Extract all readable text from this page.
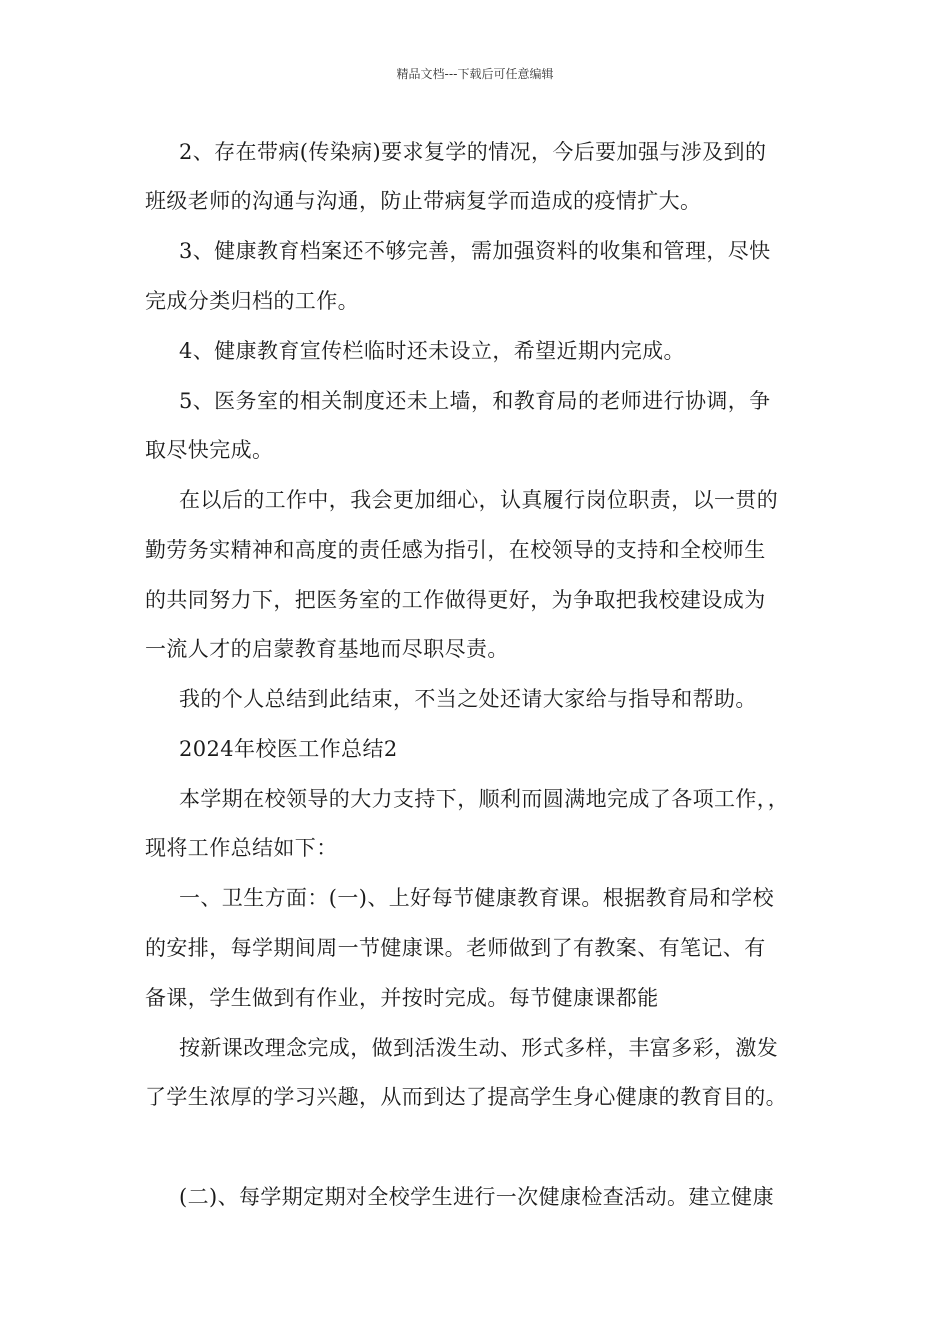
精品文档---下载后可任意编辑
2、存在带病(传染病)要求复学的情况，今后要加强与涉及到的
班级老师的沟通与沟通，防止带病复学而造成的疫情扩大。
3、健康教育档案还不够完善，需加强资料的收集和管理，尽快
完成分类归档的工作。
4、健康教育宣传栏临时还未设立，希望近期内完成。
5、医务室的相关制度还未上墙，和教育局的老师进行协调，争
取尽快完成。
在以后的工作中，我会更加细心，认真履行岗位职责，以一贯的
勤劳务实精神和高度的责任感为指引，在校领导的支持和全校师生
的共同努力下，把医务室的工作做得更好，为争取把我校建设成为
一流人才的启蒙教育基地而尽职尽责。
我的个人总结到此结束，不当之处还请大家给与指导和帮助。
2024年校医工作总结2
本学期在校领导的大力支持下，顺利而圆满地完成了各项工作，，
现将工作总结如下：
一、卫生方面：(一)、上好每节健康教育课。根据教育局和学校
的安排，每学期间周一节健康课。老师做到了有教案、有笔记、有
备课，学生做到有作业，并按时完成。每节健康课都能
按新课改理念完成，做到活泼生动、形式多样，丰富多彩，激发
了学生浓厚的学习兴趣，从而到达了提高学生身心健康的教育目的。
(二)、每学期定期对全校学生进行一次健康检查活动。建立健康
